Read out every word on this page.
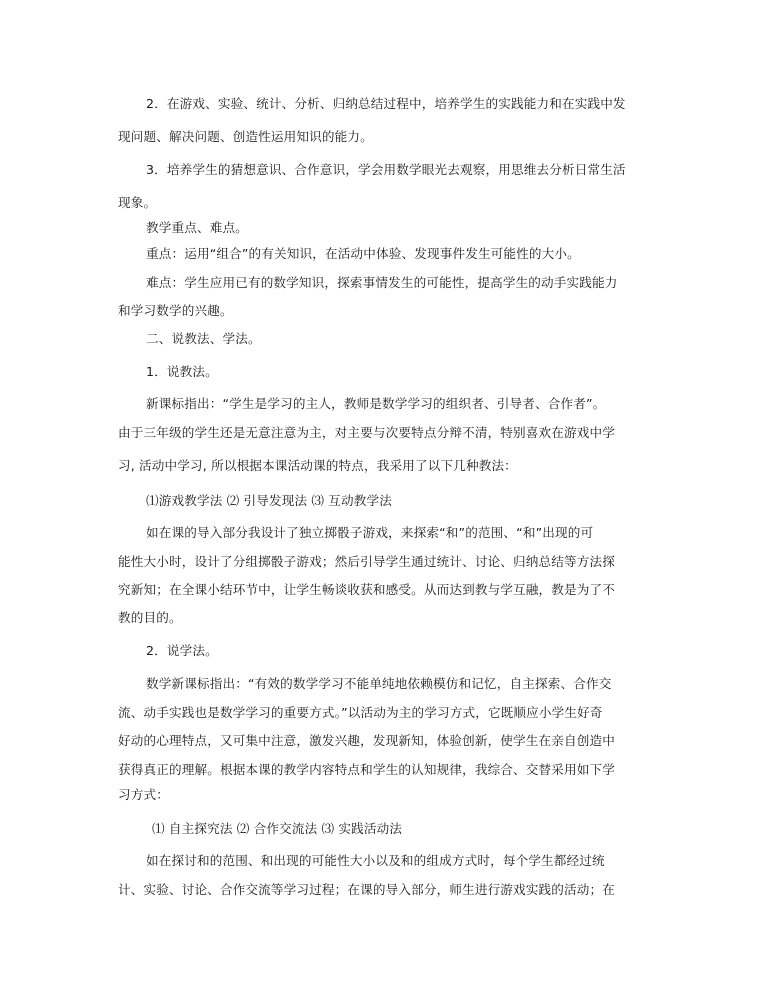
2．在游戏、实验、统计、分析、归纳总结过程中，培养学生的实践能力和在实践中发
现问题、解决问题、创造性运用知识的能力。
3．培养学生的猜想意识、合作意识，学会用数学眼光去观察，用思维去分析日常生活
现象。
教学重点、难点。
重点：运用“组合”的有关知识，在活动中体验、发现事件发生可能性的大小。
难点：学生应用已有的数学知识，探索事情发生的可能性，提高学生的动手实践能力
和学习数学的兴趣。
二、说教法、学法。
1．说教法。
新课标指出：“学生是学习的主人，教师是数学学习的组织者、引导者、合作者”。
由于三年级的学生还是无意注意为主，对主要与次要特点分辩不清，特别喜欢在游戏中学
习, 活动中学习, 所以根据本课活动课的特点，我采用了以下几种教法：
⑴游戏教学法 ⑵ 引导发现法 ⑶ 互动教学法
如在课的导入部分我设计了独立掷骰子游戏，来探索“和”的范围、“和”出现的可
能性大小时，设计了分组掷骰子游戏；然后引导学生通过统计、讨论、归纳总结等方法探
究新知；在全课小结环节中，让学生畅谈收获和感受。从而达到教与学互融，教是为了不
教的目的。
2．说学法。
数学新课标指出：“有效的数学学习不能单纯地依赖模仿和记忆，自主探索、合作交
流、动手实践也是数学学习的重要方式。”以活动为主的学习方式，它既顺应小学生好奇
好动的心理特点，又可集中注意，激发兴趣，发现新知，体验创新，使学生在亲自创造中
获得真正的理解。根据本课的教学内容特点和学生的认知规律，我综合、交替采用如下学
习方式：
⑴ 自主探究法 ⑵ 合作交流法 ⑶ 实践活动法
如在探讨和的范围、和出现的可能性大小以及和的组成方式时，每个学生都经过统
计、实验、讨论、合作交流等学习过程；在课的导入部分，师生进行游戏实践的活动；在
